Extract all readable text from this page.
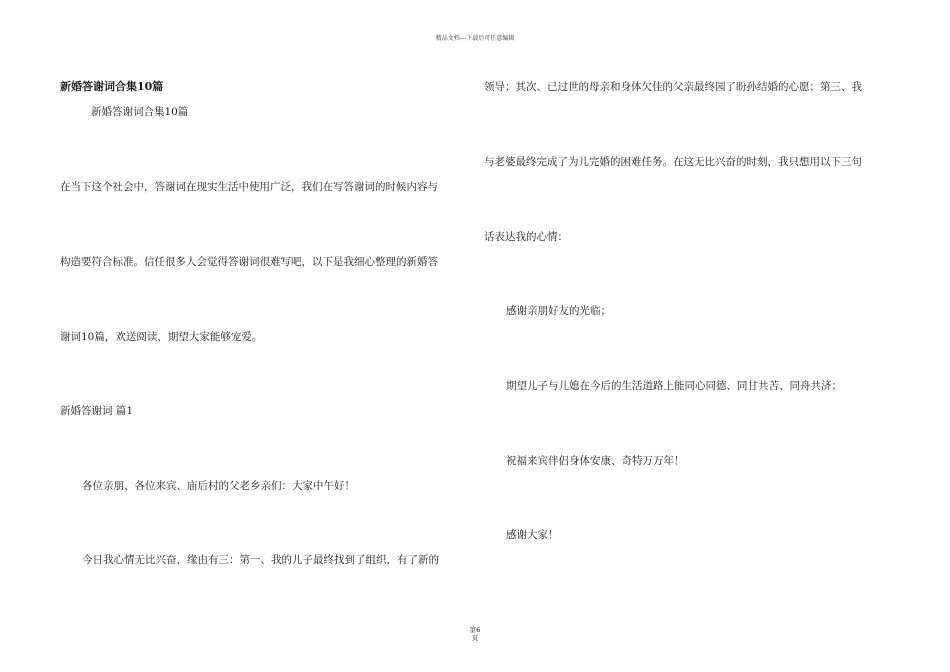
精品文档---下载后可任意编辑
新婚答谢词合集10篇
新婚答谢词合集10篇
在当下这个社会中，答谢词在现实生活中使用广泛，我们在写答谢词的时候内容与
构造要符合标准。信任很多人会觉得答谢词很难写吧，以下是我细心整理的新婚答
谢词10篇，欢送阅读，期望大家能够宠爱。
新婚答谢词 篇1
各位亲朋、各位来宾、庙后村的父老乡亲们：大家中午好！
今日我心情无比兴奋，缘由有三：第一、我的儿子最终找到了组织，有了新的
领导；其次、已过世的母亲和身体欠佳的父亲最终园了盼孙结婚的心愿；第三、我
与老婆最终完成了为儿完婚的困难任务。在这无比兴奋的时刻，我只想用以下三句
话表达我的心情：
感谢亲朋好友的光临；
期望儿子与儿媳在今后的生活道路上能同心同德、同甘共苦、同舟共济；
祝福来宾伴侣身体安康、奇特万万年！
感谢大家！
第6
页
